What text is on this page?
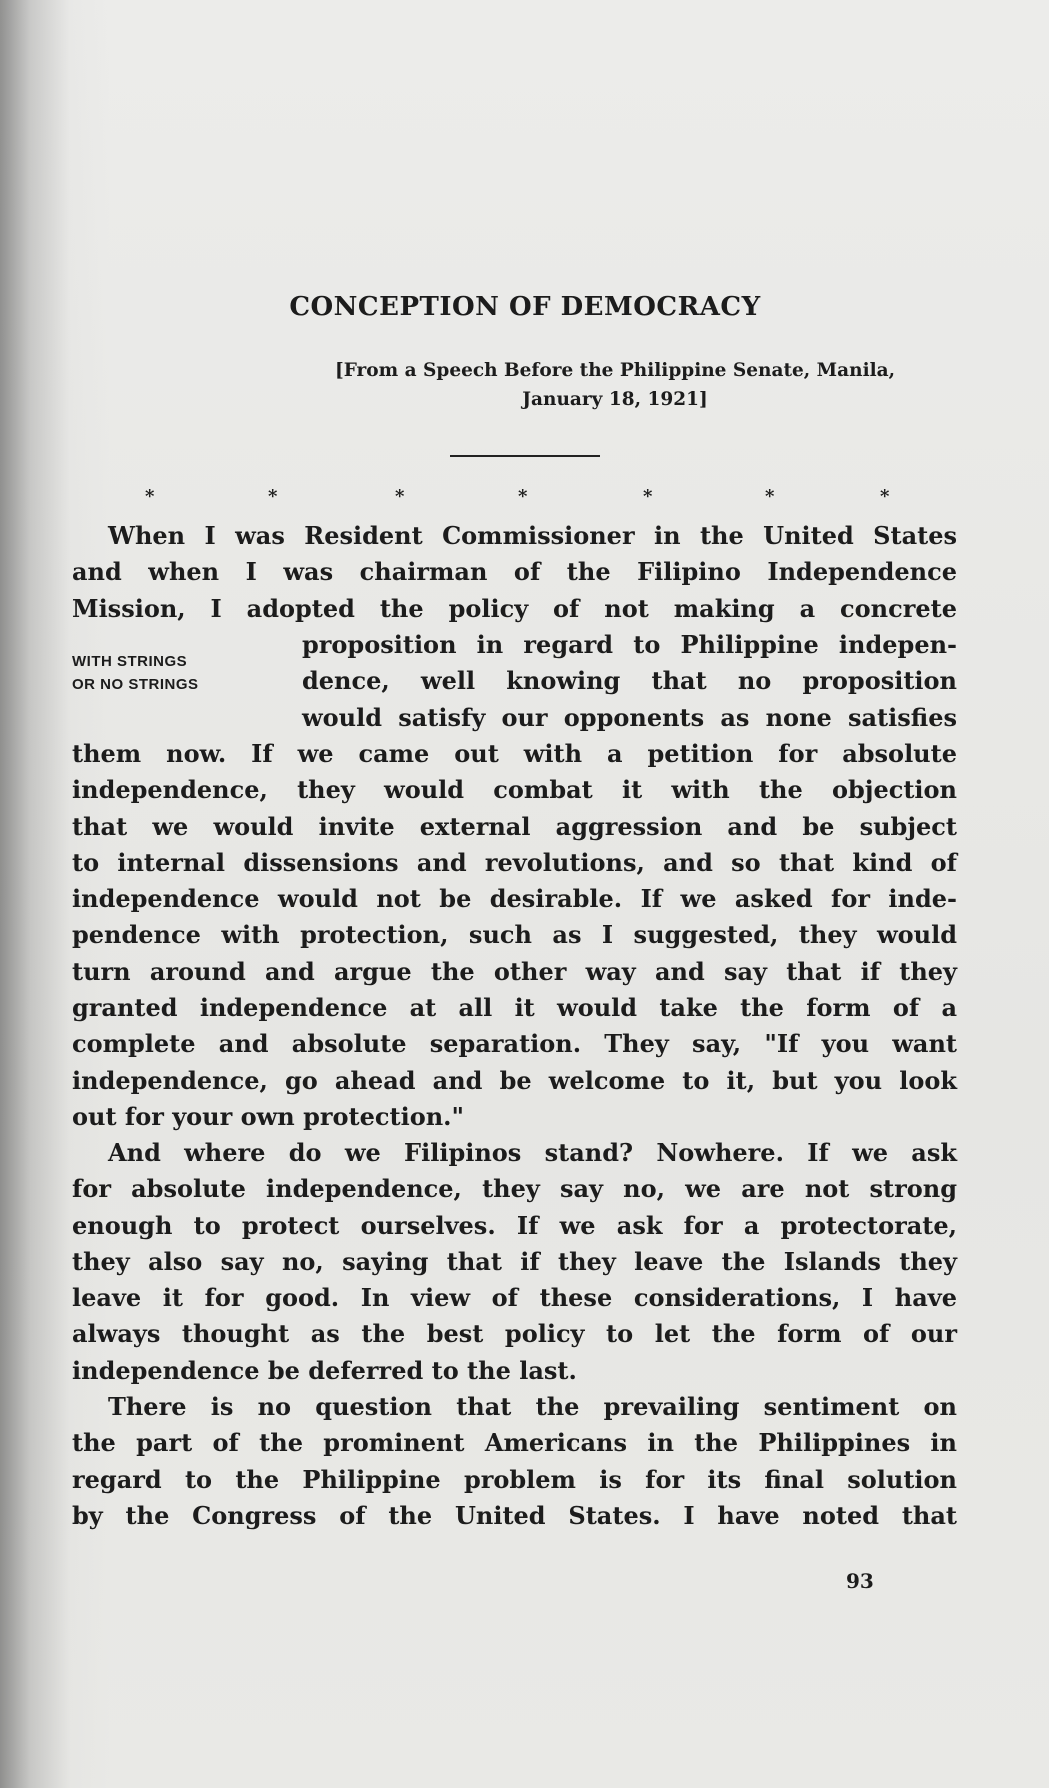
CONCEPTION OF DEMOCRACY
[From a Speech Before the Philippine Senate, Manila,
January 18, 1921]
*	*	*	*	*	*	*
When I was Resident Commissioner in the United States
and when I was chairman of the Filipino Independence
Mission, I adopted the policy of not making a concrete
WITH STRINGS
OR NO STRINGS
proposition in regard to Philippine indepen-
dence, well knowing that no proposition
would satisfy our opponents as none satisfies
them now. If we came out with a petition for absolute
independence, they would combat it with the objection
that we would invite external aggression and be subject
to internal dissensions and revolutions, and so that kind of
independence would not be desirable. If we asked for inde-
pendence with protection, such as I suggested, they would
turn around and argue the other way and say that if they
granted independence at all it would take the form of a
complete and absolute separation. They say, "If you want
independence, go ahead and be welcome to it, but you look
out for your own protection."
And where do we Filipinos stand? Nowhere. If we ask
for absolute independence, they say no, we are not strong
enough to protect ourselves. If we ask for a protectorate,
they also say no, saying that if they leave the Islands they
leave it for good. In view of these considerations, I have
always thought as the best policy to let the form of our
independence be deferred to the last.
There is no question that the prevailing sentiment on
the part of the prominent Americans in the Philippines in
regard to the Philippine problem is for its final solution
by the Congress of the United States. I have noted that
93
